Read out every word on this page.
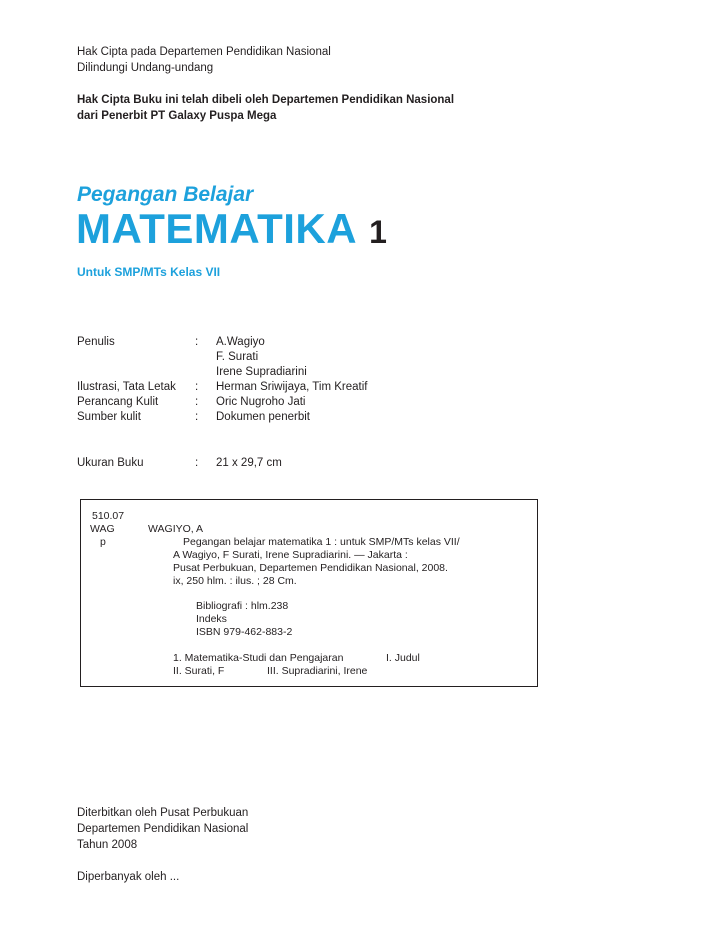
Hak Cipta pada Departemen Pendidikan Nasional
Dilindungi Undang-undang
Hak Cipta Buku ini telah dibeli oleh Departemen Pendidikan Nasional
dari Penerbit PT Galaxy Puspa Mega
Pegangan Belajar
MATEMATIKA 1
Untuk SMP/MTs Kelas VII
Penulis	: A.Wagiyo
F. Surati
Irene Supradiarini
Ilustrasi, Tata Letak : Herman Sriwijaya, Tim Kreatif
Perancang Kulit	: Oric Nugroho Jati
Sumber kulit	: Dokumen penerbit
Ukuran Buku	: 21 x 29,7 cm
510.07
WAG
p
WAGIYO, A
Pegangan belajar matematika 1 : untuk SMP/MTs kelas VII/
A Wagiyo, F Surati, Irene Supradiarini. — Jakarta :
Pusat Perbukuan, Departemen Pendidikan Nasional, 2008.
ix, 250 hlm. : ilus. ; 28 Cm.
Bibliografi : hlm.238
Indeks
ISBN 979-462-883-2
1. Matematika-Studi dan Pengajaran	I. Judul
II. Surati, F	III. Supradiarini, Irene
Diterbitkan oleh Pusat Perbukuan
Departemen Pendidikan Nasional
Tahun 2008
Diperbanyak oleh ...
